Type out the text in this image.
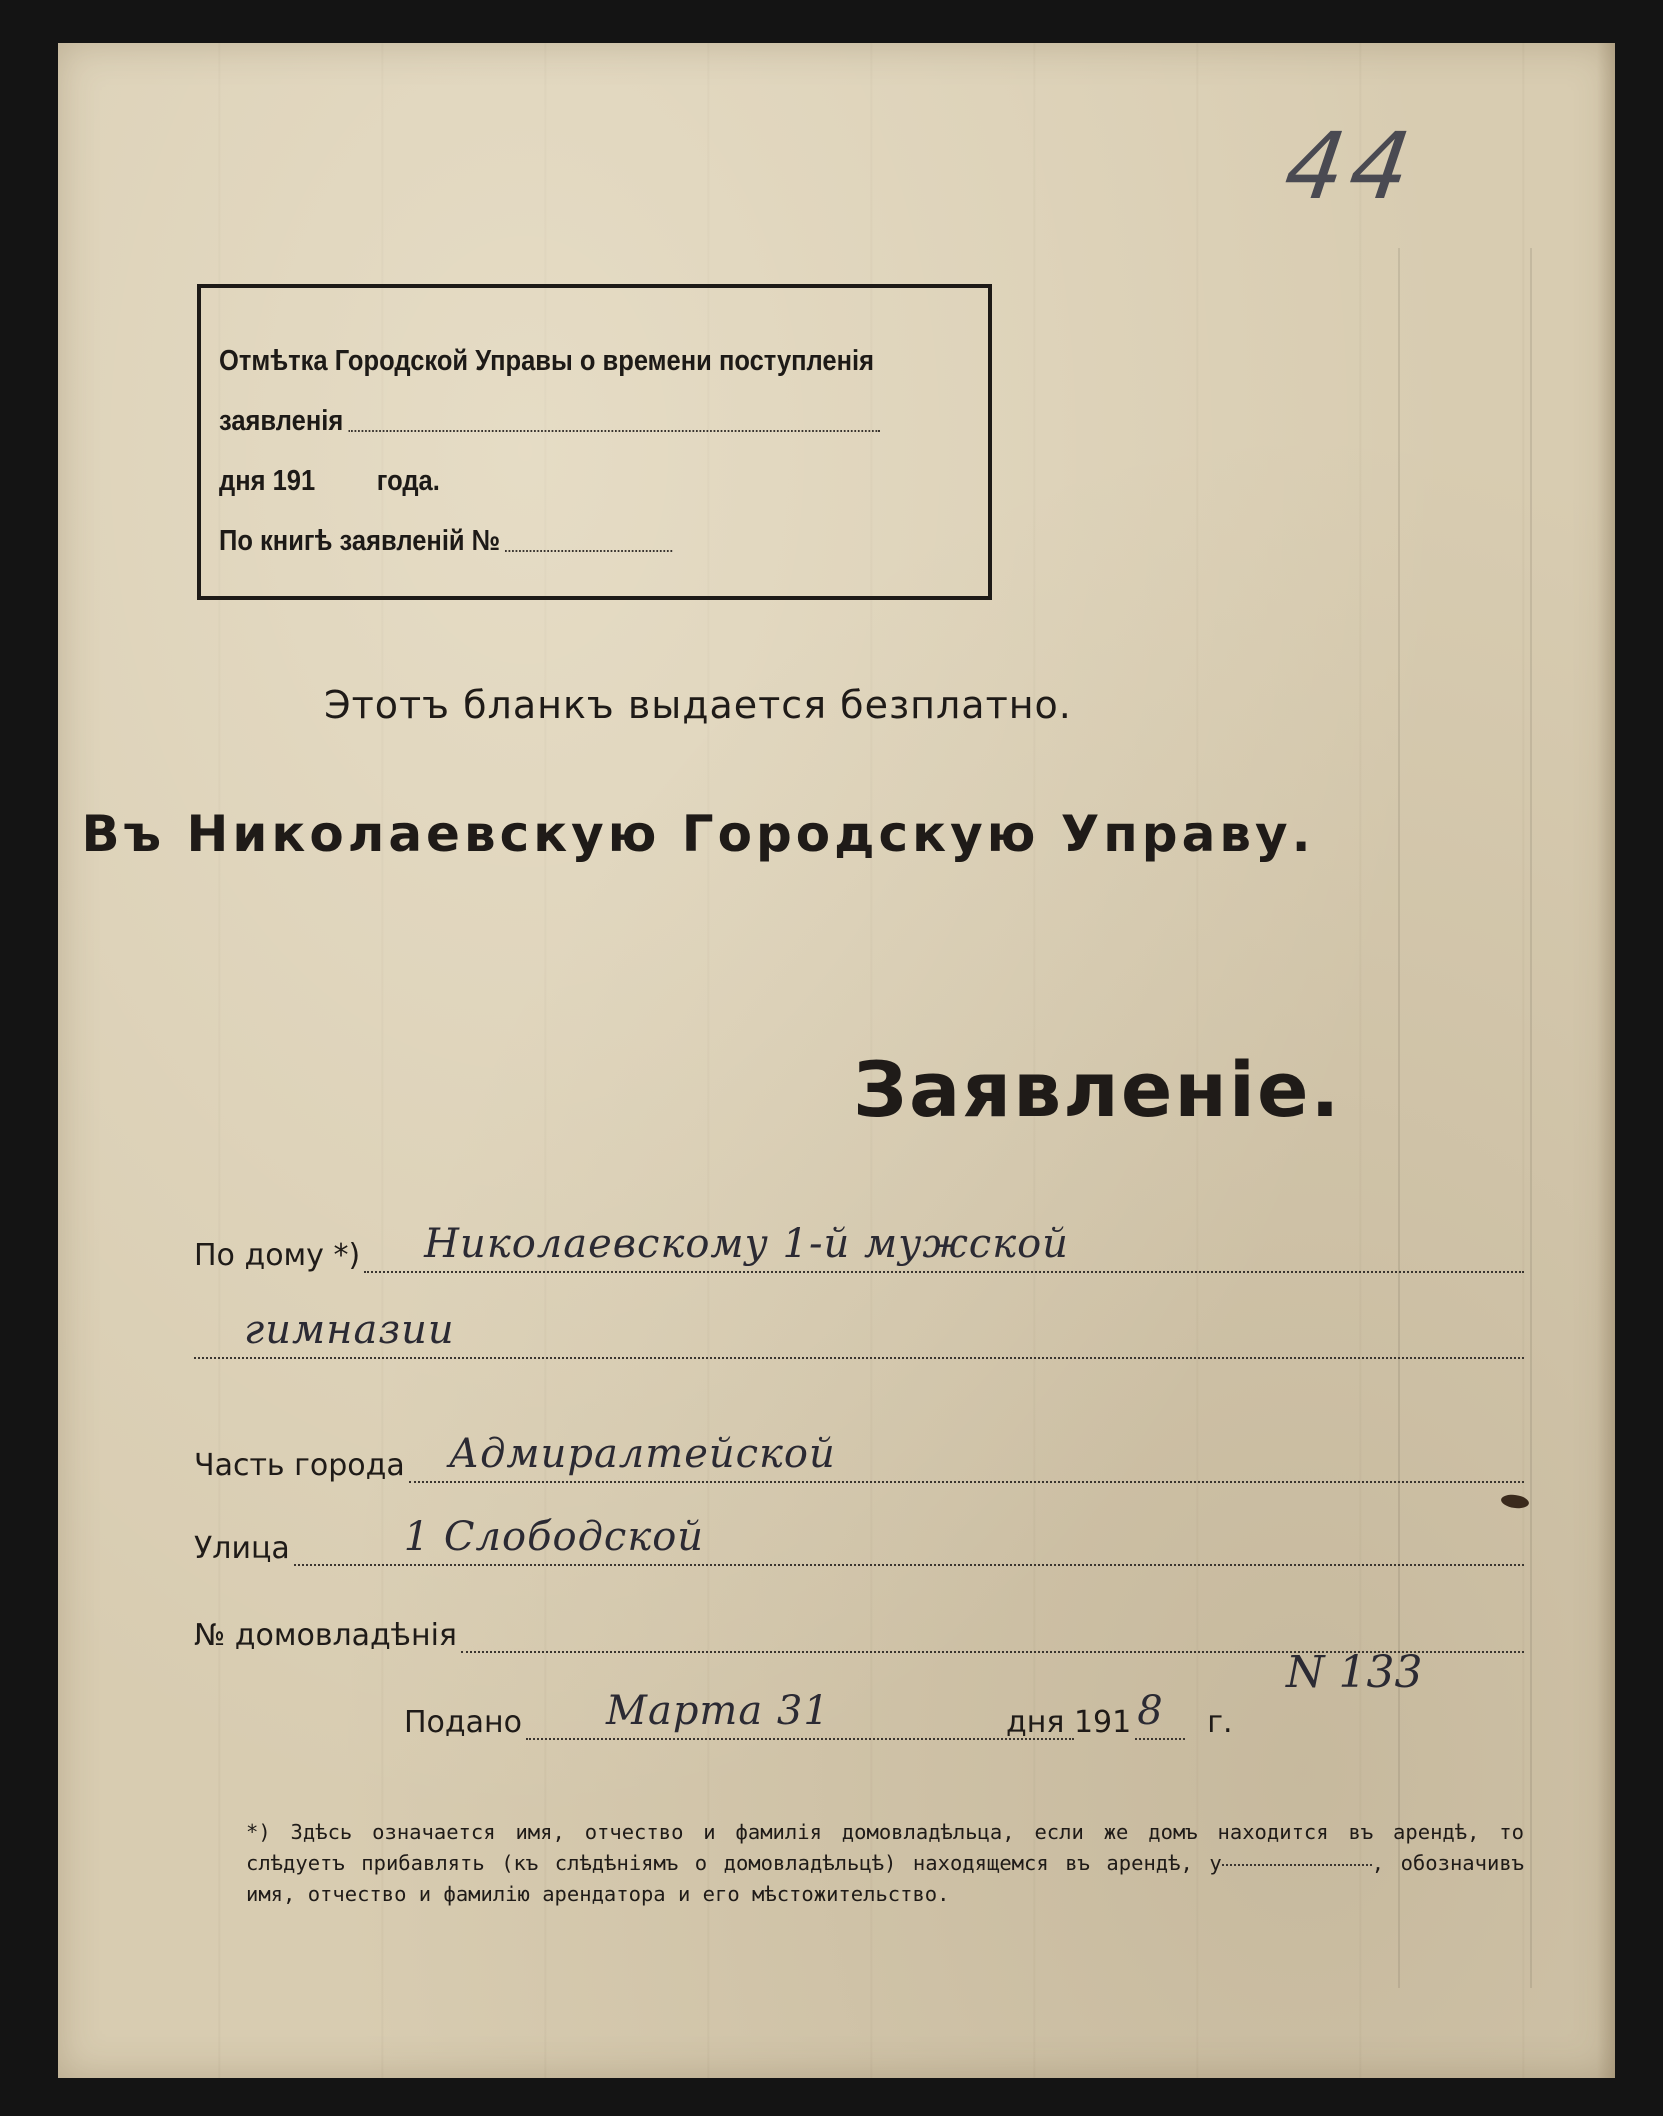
44
Отмѣтка Городской Управы о времени поступленія
заявленія
дня 191 года.
По книгѣ заявленій №
Этотъ бланкъ выдается безплатно.
Въ Николаевскую Городскую Управу.
Заявленіе.
По дому *) Николаевскому 1-й мужской
гимназии
Часть города Адмиралтейской
Улица	1 Слободской
№ домовладѣнія
Подано Марта 31	дня 191 8 г.
N 133
*) Здѣсь означается имя, отчество и фамилія домовладѣльца, если же домъ находится въ арендѣ, то слѣдуетъ прибавлять (къ слѣдѣніямъ о домовладѣльцѣ) находящемся въ арендѣ, у	, обозначивъ имя, отчество и фамилію арендатора и его мѣстожительство.
